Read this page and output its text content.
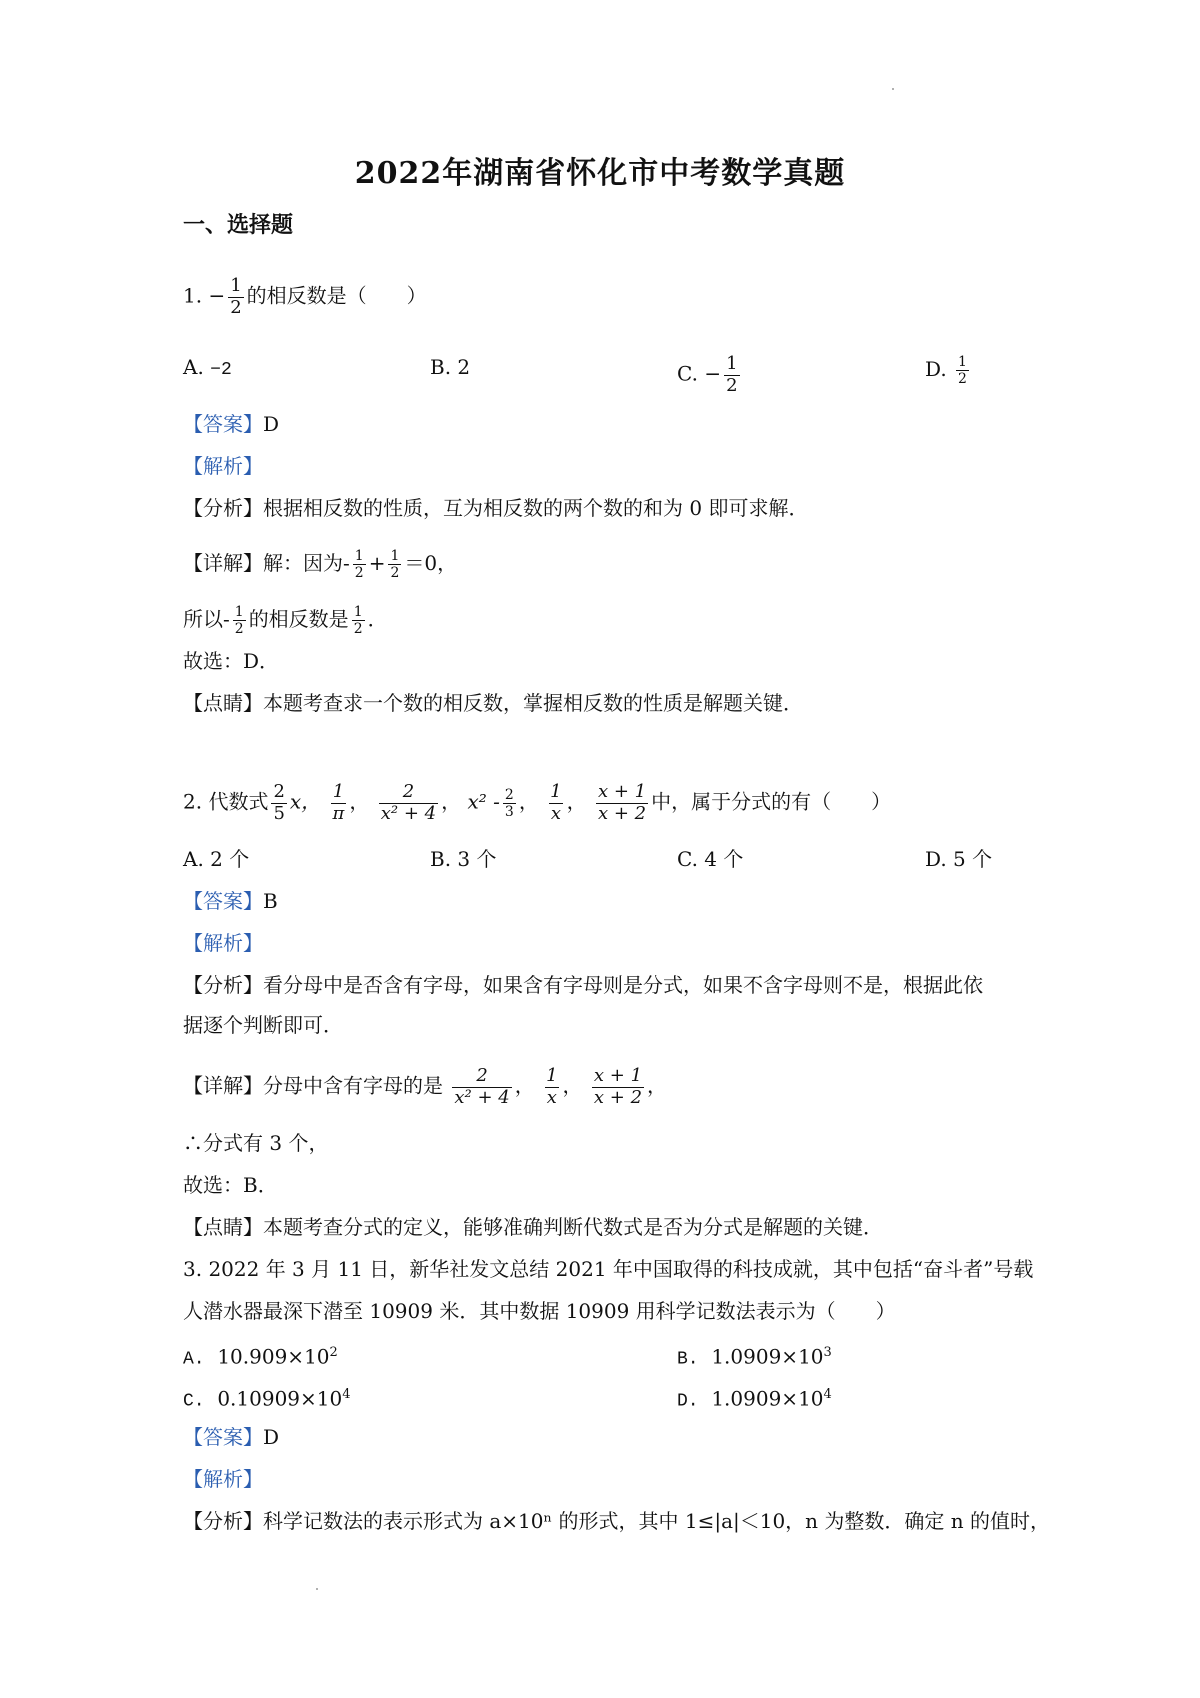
2022年湖南省怀化市中考数学真题
一、选择题
1. − $\frac{1}{2}$ 的相反数是（　　）
A. −2	B. 2	C. − $\frac{1}{2}$	D. $\frac{1}{2}$
【答案】D
【解析】
【分析】根据相反数的性质，互为相反数的两个数的和为 0 即可求解．
【详解】解：因为- $\frac{1}{2} + \frac{1}{2} =0$，
所以- $\frac{1}{2}$ 的相反数是 $\frac{1}{2}$ ．
故选：D．
【点睛】本题考查求一个数的相反数，掌握相反数的性质是解题关键．
2. 代数式 $\frac{2}{5}$ x， $\frac{1}{\pi}$ ， $\frac{2}{\text{x² + 4}}$ ， $x^2 - \frac{2}{3}$ ， $\frac{1}{x}$ ， $\frac{x + 1}{x + 2}$ 中，属于分式的有（　　）
A. 2 个	B. 3 个	C. 4 个	D. 5 个
【答案】B
【解析】
【分析】看分母中是否含有字母，如果含有字母则是分式，如果不含字母则不是，根据此依
据逐个判断即可．
【详解】分母中含有字母的是 $\frac{2}{\text{x² + 4}}$ ， $\frac{1}{x}$ ， $\frac{x + 1}{x + 2}$ ，
∴分式有 3 个，
故选：B．
【点睛】本题考查分式的定义，能够准确判断代数式是否为分式是解题的关键．
3. 2022 年 3 月 11 日，新华社发文总结 2021 年中国取得的科技成就，其中包括“奋斗者”号载
人潜水器最深下潜至 10909 米．其中数据 10909 用科学记数法表示为（　　）
A. $10.909\times 10^2$	B. $1.0909\times 10^3$
C. $0.10909\times 10^4$	D. $1.0909\times 10^4$
【答案】D
【解析】
【分析】科学记数法的表示形式为 a×10ⁿ 的形式，其中 1≤|a|＜10，n 为整数．确定 n 的值时，
